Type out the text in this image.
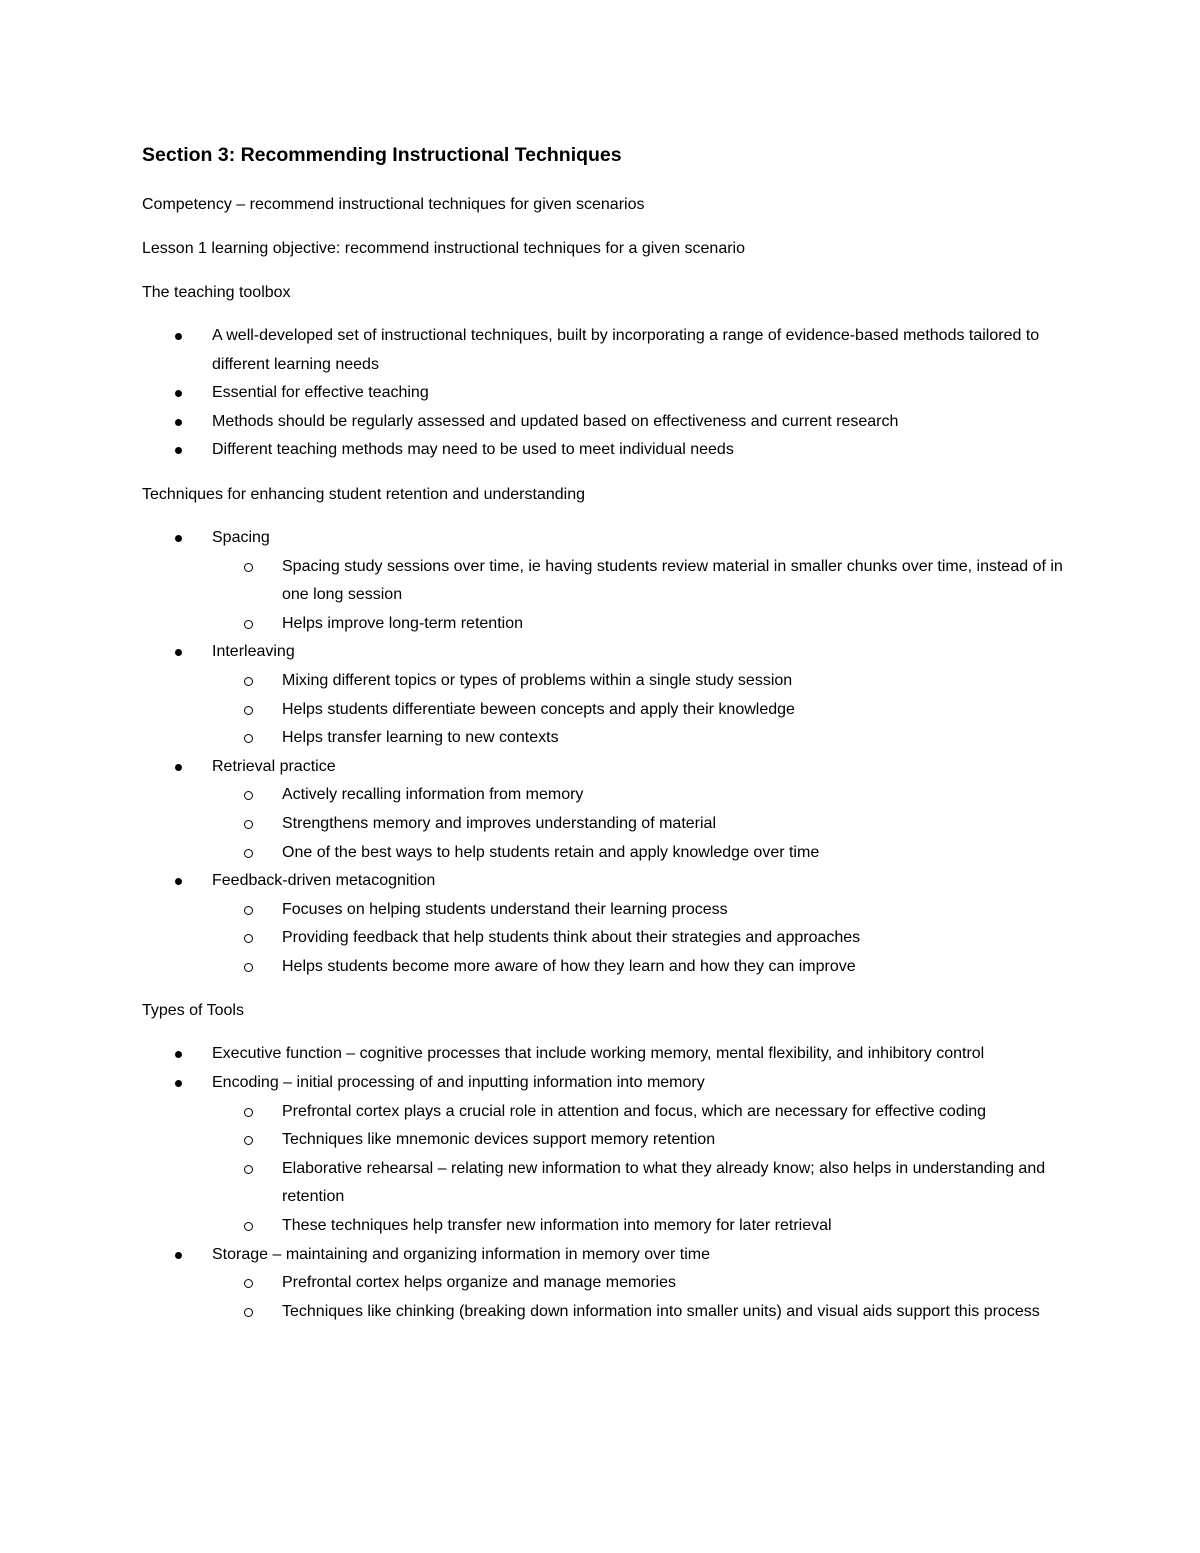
Section 3: Recommending Instructional Techniques
Competency – recommend instructional techniques for given scenarios
Lesson 1 learning objective: recommend instructional techniques for a given scenario
The teaching toolbox
A well-developed set of instructional techniques, built by incorporating a range of evidence-based methods tailored to different learning needs
Essential for effective teaching
Methods should be regularly assessed and updated based on effectiveness and current research
Different teaching methods may need to be used to meet individual needs
Techniques for enhancing student retention and understanding
Spacing
Spacing study sessions over time, ie having students review material in smaller chunks over time, instead of in one long session
Helps improve long-term retention
Interleaving
Mixing different topics or types of problems within a single study session
Helps students differentiate beween concepts and apply their knowledge
Helps transfer learning to new contexts
Retrieval practice
Actively recalling information from memory
Strengthens memory and improves understanding of material
One of the best ways to help students retain and apply knowledge over time
Feedback-driven metacognition
Focuses on helping students understand their learning process
Providing feedback that help students think about their strategies and approaches
Helps students become more aware of how they learn and how they can improve
Types of Tools
Executive function – cognitive processes that include working memory, mental flexibility, and inhibitory control
Encoding – initial processing of and inputting information into memory
Prefrontal cortex plays a crucial role in attention and focus, which are necessary for effective coding
Techniques like mnemonic devices support memory retention
Elaborative rehearsal – relating new information to what they already know; also helps in understanding and retention
These techniques help transfer new information into memory for later retrieval
Storage – maintaining and organizing information in memory over time
Prefrontal cortex helps organize and manage memories
Techniques like chinking (breaking down information into smaller units) and visual aids support this process
